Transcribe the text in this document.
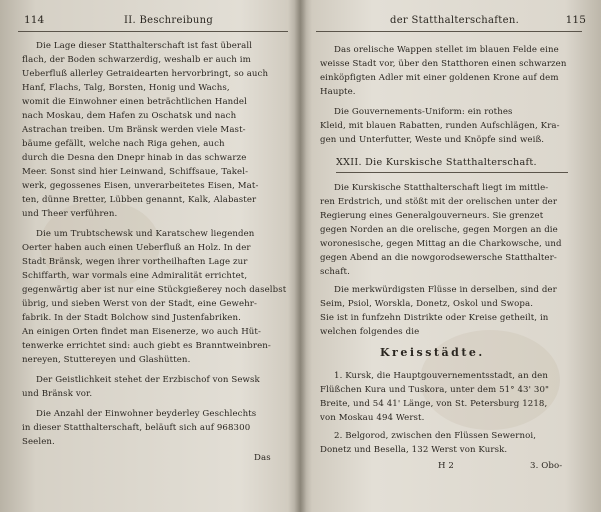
114	II. Beschreibung
Die Lage dieser Statthalterschaft ist fast überall
flach, der Boden schwarzerdig, weshalb er auch im
Ueberfluß allerley Getraidearten hervorbringt, so auch
Hanf, Flachs, Talg, Borsten, Honig und Wachs,
womit die Einwohner einen beträchtlichen Handel
nach Moskau, dem Hafen zu Oschatsk und nach
Astrachan treiben. Um Bränsk werden viele Mast-
bäume gefällt, welche nach Riga gehen, auch
durch die Desna den Dnepr hinab in das schwarze
Meer. Sonst sind hier Leinwand, Schiffsaue, Takel-
werk, gegossenes Eisen, unverarbeitetes Eisen, Mat-
ten, dünne Bretter, Lübben genannt, Kalk, Alabaster
und Theer verführen.
Die um Trubtschewsk und Karatschew liegenden
Oerter haben auch einen Ueberfluß an Holz. In der
Stadt Bränsk, wegen ihrer vortheilhaften Lage zur
Schiffarth, war vormals eine Admiralität errichtet,
gegenwärtig aber ist nur eine Stückgießerey noch daselbst
übrig, und sieben Werst von der Stadt, eine Gewehr-
fabrik. In der Stadt Bolchow sind Justenfabriken.
An einigen Orten findet man Eisenerze, wo auch Hüt-
tenwerke errichtet sind: auch giebt es Branntweinbren-
nereyen, Stuttereyen und Glashütten.
Der Geistlichkeit stehet der Erzbischof von Sewsk
und Bränsk vor.
Die Anzahl der Einwohner beyderley Geschlechts
in dieser Statthalterschaft, beläuft sich auf 968300
Seelen.
Das
der Statthalterschaften.	115
Das orelische Wappen stellet im blauen Felde eine
weisse Stadt vor, über den Statthoren einen schwarzen
einköpfigten Adler mit einer goldenen Krone auf dem
Haupte.
Die Gouvernements-Uniform: ein rothes
Kleid, mit blauen Rabatten, runden Aufschlägen, Kra-
gen und Unterfutter, Weste und Knöpfe sind weiß.
XXII. Die Kurskische Statthalterschaft.
Die Kurskische Statthalterschaft liegt im mittle-
ren Erdstrich, und stößt mit der orelischen unter der
Regierung eines Generalgouverneurs. Sie grenzet
gegen Norden an die orelische, gegen Morgen an die
woronesische, gegen Mittag an die Charkowsche, und
gegen Abend an die nowgorodsewersche Statthalter-
schaft.
Die merkwürdigsten Flüsse in derselben, sind der
Seim, Psiol, Worskla, Donetz, Oskol und Swopa.
Sie ist in funfzehn Distrikte oder Kreise getheilt, in
welchen folgendes die
Kreisstädte.
1. Kursk, die Hauptgouvernementsstadt, an den
Flüßchen Kura und Tuskora, unter dem 51° 43' 30"
Breite, und 54 41' Länge, von St. Petersburg 1218,
von Moskau 494 Werst.
2. Belgorod, zwischen den Flüssen Sewernoi,
Donetz und Besella, 132 Werst von Kursk.
H 2	3. Obo-
